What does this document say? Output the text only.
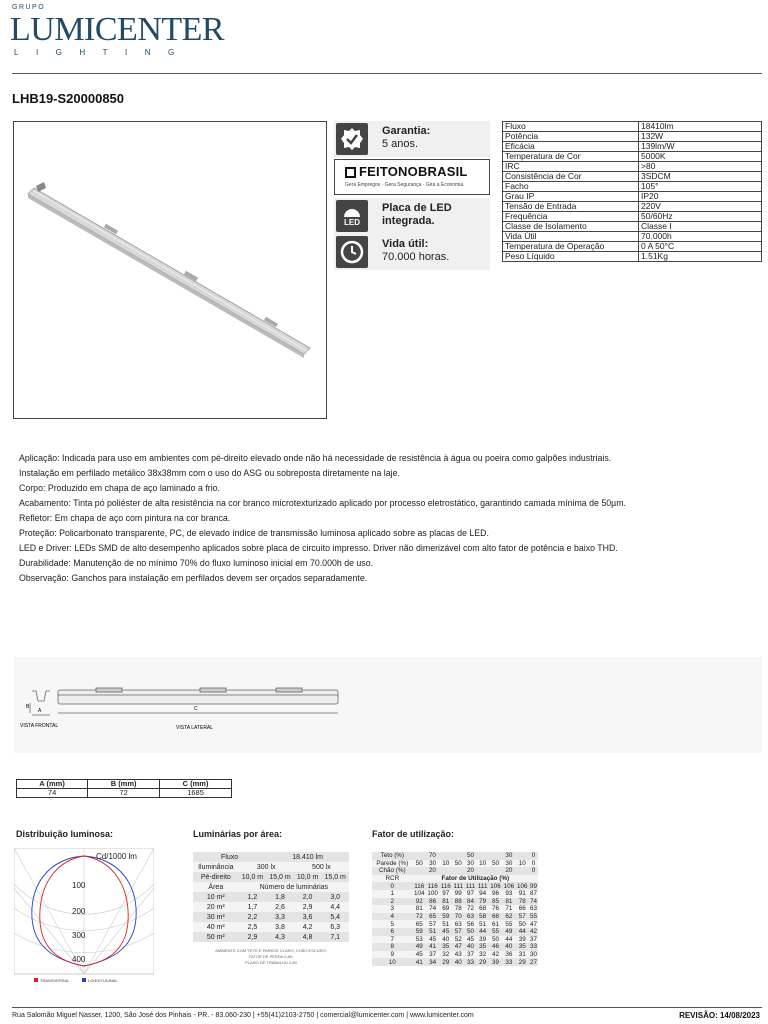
GRUPO
LUMICENTER
LIGHTING
LHB19-S20000850
Garantia:
5 anos.
FEITONOBRASIL
Gera Empregos · Gera Segurança · Gira a Economia.
LED
Placa de LED
integrada.
Vida útil:
70.000 horas.
Fluxo	18410lm
Potência	132W
Eficácia	139lm/W
Temperatura de Cor	5000K
IRC	>80
Consistência de Cor	3SDCM
Facho	105°
Grau IP	IP20
Tensão de Entrada	220V
Frequência	50/60Hz
Classe de Isolamento	Classe I
Vida Útil	70.000h
Temperatura de Operação	0 A 50°C
Peso Líquido	1.51Kg

Aplicação: Indicada para uso em ambientes com pé-direito elevado onde não há necessidade de resistência à água ou poeira como galpões industriais.

Instalação em perfilado metálico 38x38mm com o uso do ASG ou sobreposta diretamente na laje.

Corpo: Produzido em chapa de aço laminado a frio.

Acabamento: Tinta pó poliéster de alta resistência na cor branco microtexturizado aplicado por processo eletrostático, garantindo camada mínima de 50µm.

Refletor: Em chapa de aço com pintura na cor branca.

Proteção: Policarbonato transparente, PC, de elevado índice de transmissão luminosa aplicado sobre as placas de LED.

LED e Driver: LEDs SMD de alto desempenho aplicados sobre placa de circuito impresso. Driver não dimerizável com alto fator de potência e baixo THD.

Durabilidade: Manutenção de no mínimo 70% do fluxo luminoso inicial em 70.000h de uso.

Observação: Ganchos para instalação em perfilados devem ser orçados separadamente.

B
A	C
VISTA FRONTAL	VISTA LATERAL
A (mm)	B (mm)	C (mm)
74	72	1685
Distribuição luminosa:	Luminárias por área:	Fator de utilização:
Cd/1000 lm
100
200
300
400
TRANSVERSAL	LONGITUDINAL
Fluxo		18.410 lm		
Iluminância	300 lx		500 lx	
Pé-direito	10,0 m	15,0 m	10,0 m	15,0 m
Área	Número de luminárias			
10 m²	1,2	1,8	2,0	3,0
20 m²	1,7	2,6	2,9	4,4
30 m²	2,2	3,3	3,6	5,4
40 m²	2,5	3,8	4,2	6,3
50 m²	2,9	4,3	4,8	7,1
AMBIENTE COM TETO E PAREDE CLARO, CHÃO ESCURO;
FATOR DE PERDA 0,80;
PLANO DE TRABALHO 0,80
Teto (%)	70			50			30			0
Parede (%)	50	30	10	50	30	10	50	30	10	0
Chão (%)	20			20			20			0
RCR	Fator de Utilização (%)									
0	116	116	116	111	111	111	106	106	106	99
1	104	100	97	99	97	94	96	93	91	87
2	92	86	81	88	84	79	85	81	78	74
3	81	74	69	78	72	68	76	71	66	63
4	72	65	59	70	63	58	68	62	57	55
5	65	57	51	63	56	51	61	55	50	47
6	59	51	45	57	50	44	55	49	44	42
7	53	45	40	52	45	39	50	44	39	37
8	49	41	35	47	40	35	46	40	35	33
9	45	37	32	43	37	32	42	36	31	30
10	41	34	29	40	33	29	39	33	29	27
Rua Salomão Miguel Nasser, 1200, São José dos Pinhais - PR. - 83.060-230 | +55(41)2103-2750 | comercial@lumicenter.com | www.lumicenter.com	REVISÃO: 14/08/2023
